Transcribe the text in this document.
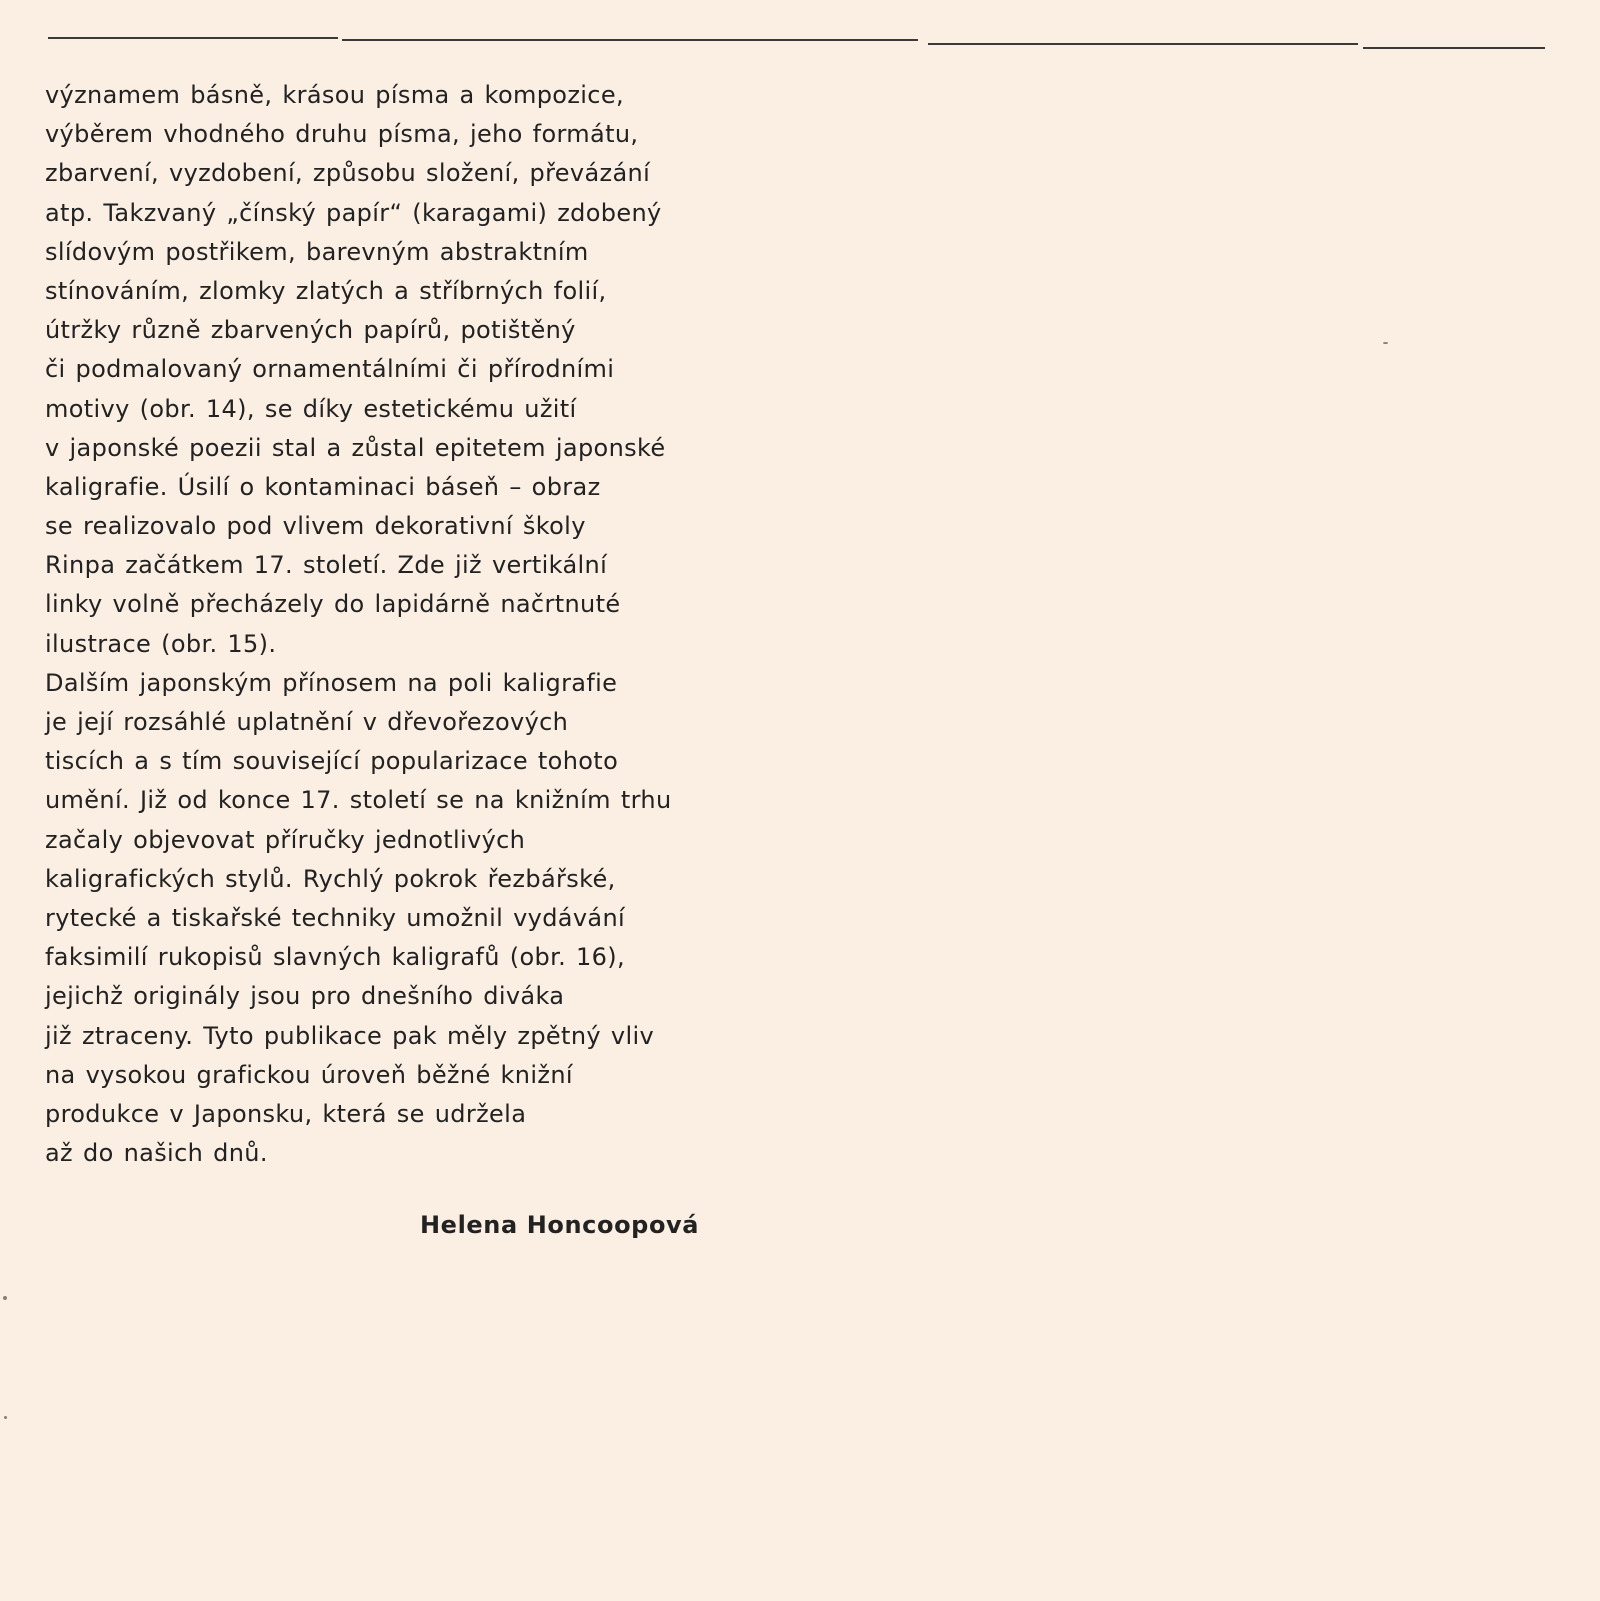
významem básně, krásou písma a kompozice,
výběrem vhodného druhu písma, jeho formátu,
zbarvení, vyzdobení, způsobu složení, převázání
atp. Takzvaný „čínský papír“ (karagami) zdobený
slídovým postřikem, barevným abstraktním
stínováním, zlomky zlatých a stříbrných folií,
útržky různě zbarvených papírů, potištěný
či podmalovaný ornamentálními či přírodními
motivy (obr. 14), se díky estetickému užití
v japonské poezii stal a zůstal epitetem japonské
kaligrafie. Úsilí o kontaminaci báseň – obraz
se realizovalo pod vlivem dekorativní školy
Rinpa začátkem 17. století. Zde již vertikální
linky volně přecházely do lapidárně načrtnuté
ilustrace (obr. 15).
Dalším japonským přínosem na poli kaligrafie
je její rozsáhlé uplatnění v dřevořezových
tiscích a s tím související popularizace tohoto
umění. Již od konce 17. století se na knižním trhu
začaly objevovat příručky jednotlivých
kaligrafických stylů. Rychlý pokrok řezbářské,
rytecké a tiskařské techniky umožnil vydávání
faksimilí rukopisů slavných kaligrafů (obr. 16),
jejichž originály jsou pro dnešního diváka
již ztraceny. Tyto publikace pak měly zpětný vliv
na vysokou grafickou úroveň běžné knižní
produkce v Japonsku, která se udržela
až do našich dnů.
Helena Honcoopová
